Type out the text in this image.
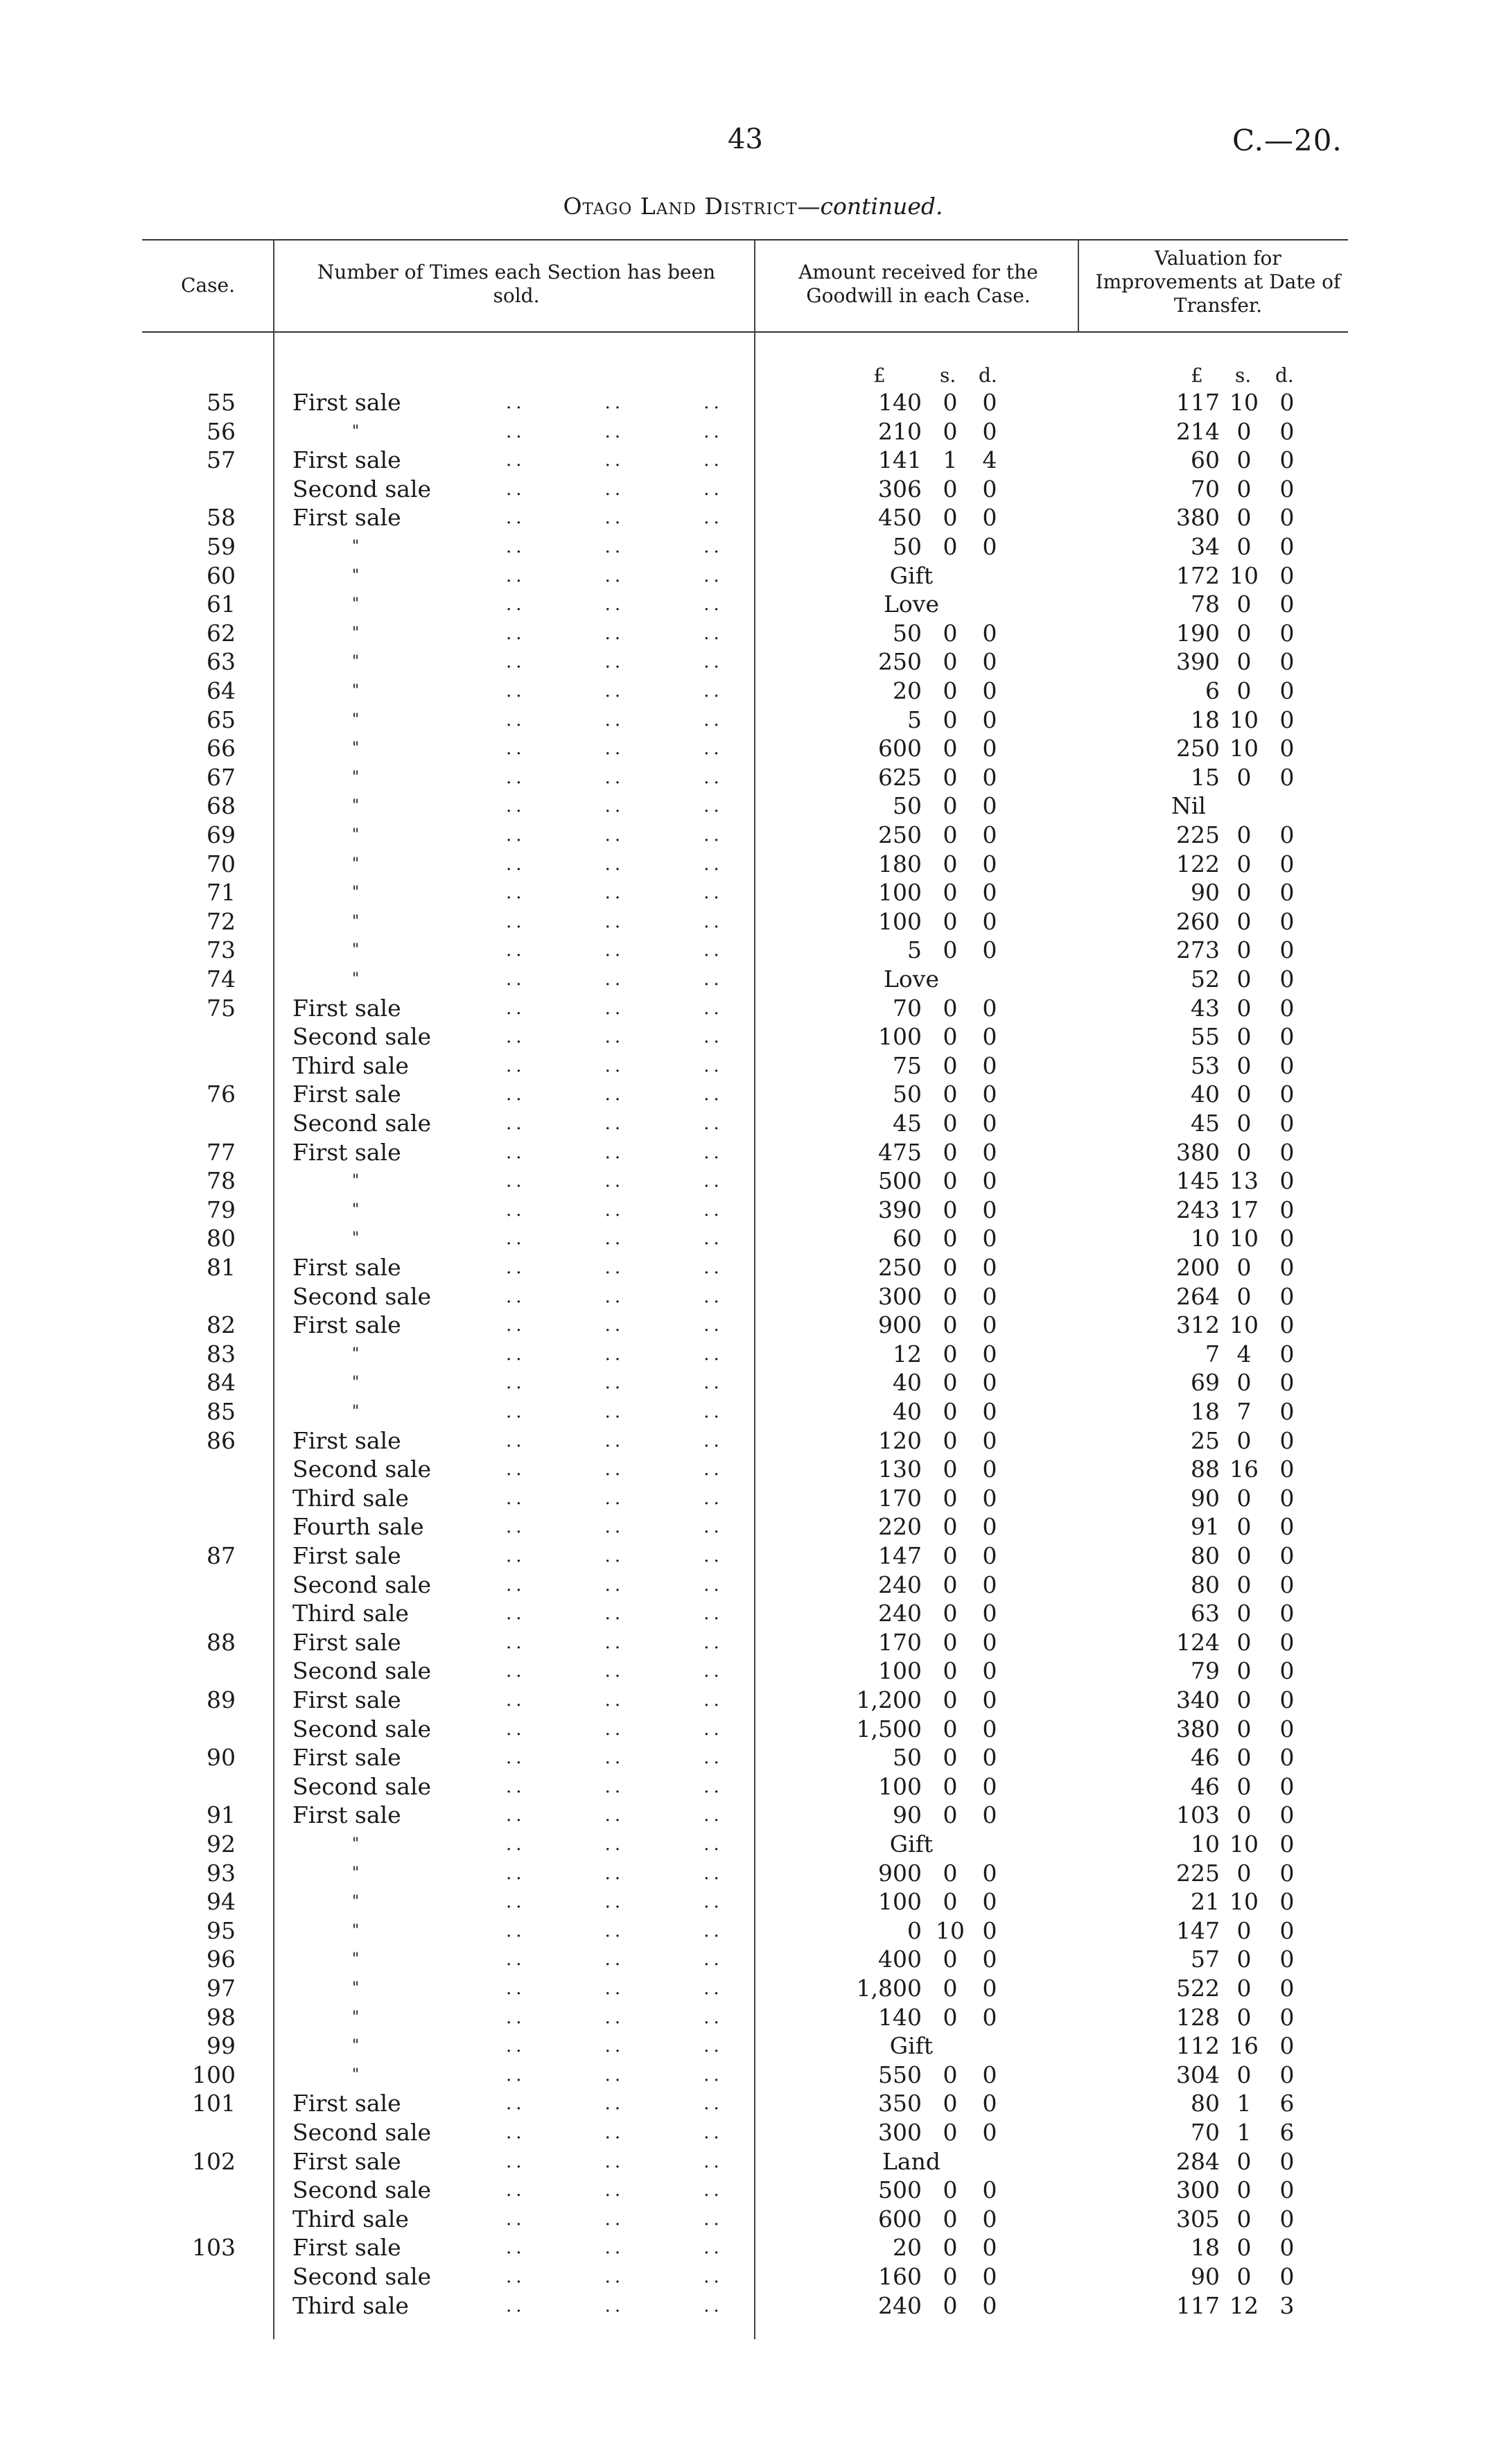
43	C.—20.
Otago Land District—continued.
Case.
Number of Times each Section has been sold.
Amount received for the Goodwill in each Case.
Valuation for Improvements at Date of Transfer.
£	s. d.	£ s. d.
55 First sale	..        ..        ..	140 0	0	117 10 0
56	"	..        ..        ..	210 0	0	214 0	0
57 First sale	..        ..        ..	141 1	4	60 0	0
Second sale	..        ..        ..	306 0	0	70 0	0
58 First sale	..        ..        ..	450 0	0	380 0	0
59	"	..        ..        ..	50 0	0	34 0	0
60	"	..        ..        ..	Gift	172 10 0
61	"	..        ..        ..	Love	78 0	0
62	"	..        ..        ..	50 0	0	190 0	0
63	"	..        ..        ..	250 0	0	390 0	0
64	"	..        ..        ..	20 0	0	6 0	0
65	"	..        ..        ..	5 0	0	18 10 0
66	"	..        ..        ..	600 0	0	250 10 0
67	"	..        ..        ..	625 0	0	15 0	0
68	"	..        ..        ..	50 0	0	Nil
69	"	..        ..        ..	250 0	0	225 0	0
70	"	..        ..        ..	180 0	0	122 0	0
71	"	..        ..        ..	100 0	0	90 0	0
72	"	..        ..        ..	100 0	0	260 0	0
73	"	..        ..        ..	5 0	0	273 0	0
74	"	..        ..        ..	Love	52 0	0
75 First sale	..        ..        ..	70 0	0	43 0	0
Second sale	..        ..        ..	100 0	0	55 0	0
Third sale	..        ..        ..	75 0	0	53 0	0
76 First sale	..        ..        ..	50 0	0	40 0	0
Second sale	..        ..        ..	45 0	0	45 0	0
77 First sale	..        ..        ..	475 0	0	380 0	0
78	"	..        ..        ..	500 0	0	145 13 0
79	"	..        ..        ..	390 0	0	243 17 0
80	"	..        ..        ..	60 0	0	10 10 0
81 First sale	..        ..        ..	250 0	0	200 0	0
Second sale	..        ..        ..	300 0	0	264 0	0
82 First sale	..        ..        ..	900 0	0	312 10 0
83	"	..        ..        ..	12 0	0	7 4	0
84	"	..        ..        ..	40 0	0	69 0	0
85	"	..        ..        ..	40 0	0	18 7	0
86 First sale	..        ..        ..	120 0	0	25 0	0
Second sale	..        ..        ..	130 0	0	88 16 0
Third sale	..        ..        ..	170 0	0	90 0	0
Fourth sale	..        ..        ..	220 0	0	91 0	0
87 First sale	..        ..        ..	147 0	0	80 0	0
Second sale	..        ..        ..	240 0	0	80 0	0
Third sale	..        ..        ..	240 0	0	63 0	0
88 First sale	..        ..        ..	170 0	0	124 0	0
Second sale	..        ..        ..	100 0	0	79 0	0
89 First sale	..        ..        ..	1,200 0	0	340 0	0
Second sale	..        ..        ..	1,500 0	0	380 0	0
90 First sale	..        ..        ..	50 0	0	46 0	0
Second sale	..        ..        ..	100 0	0	46 0	0
91 First sale	..        ..        ..	90 0	0	103 0	0
92	"	..        ..        ..	Gift	10 10 0
93	"	..        ..        ..	900 0	0	225 0	0
94	"	..        ..        ..	100 0	0	21 10 0
95	"	..        ..        ..	0 10 0	147 0	0
96	"	..        ..        ..	400 0	0	57 0	0
97	"	..        ..        ..	1,800 0	0	522 0	0
98	"	..        ..        ..	140 0	0	128 0	0
99	"	..        ..        ..	Gift	112 16 0
100	"	..        ..        ..	550 0	0	304 0	0
101 First sale	..        ..        ..	350 0	0	80 1	6
Second sale	..        ..        ..	300 0	0	70 1	6
102 First sale	..        ..        ..	Land	284 0	0
Second sale	..        ..        ..	500 0	0	300 0	0
Third sale	..        ..        ..	600 0	0	305 0	0
103 First sale	..        ..        ..	20 0	0	18 0	0
Second sale	..        ..        ..	160 0	0	90 0	0
Third sale	..        ..        ..	240 0	0	117 12 3
